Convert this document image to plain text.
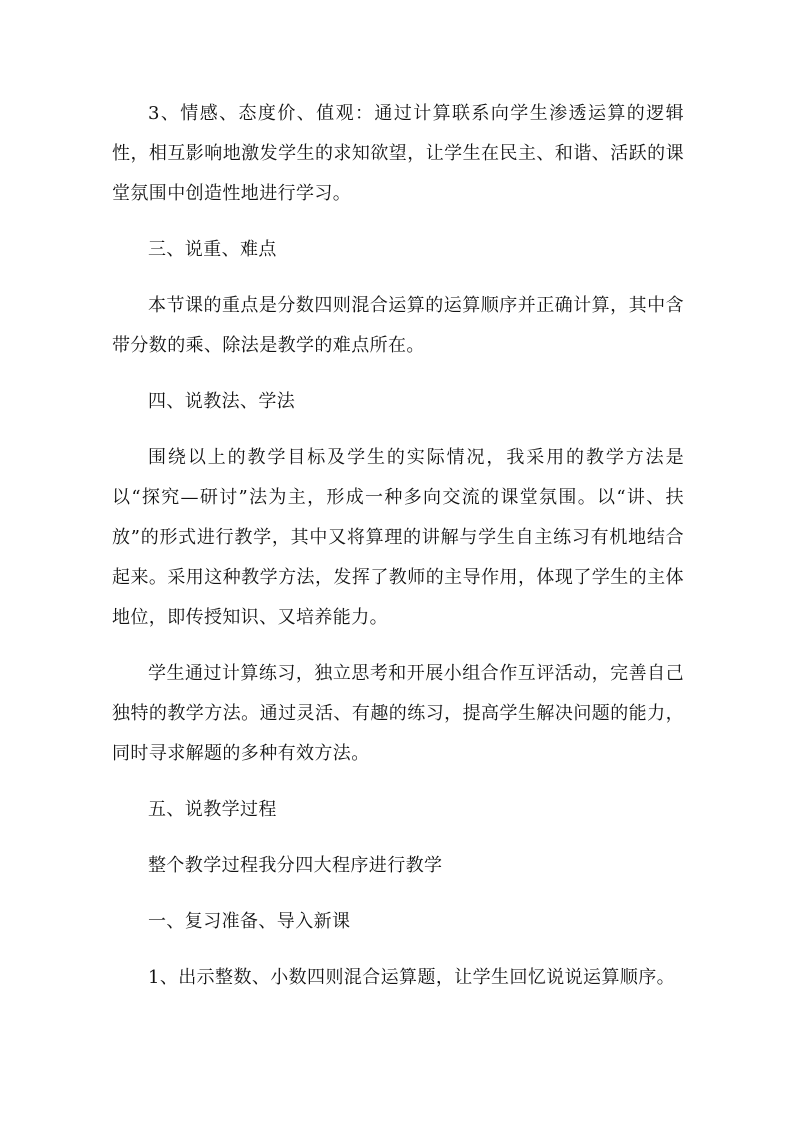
3、情感、态度价、值观：通过计算联系向学生渗透运算的逻辑性，相互影响地激发学生的求知欲望，让学生在民主、和谐、活跃的课堂氛围中创造性地进行学习。

三、说重、难点

本节课的重点是分数四则混合运算的运算顺序并正确计算，其中含带分数的乘、除法是教学的难点所在。

四、说教法、学法

围绕以上的教学目标及学生的实际情况，我采用的教学方法是以“探究—研讨”法为主，形成一种多向交流的课堂氛围。以“讲、扶放”的形式进行教学，其中又将算理的讲解与学生自主练习有机地结合起来。采用这种教学方法，发挥了教师的主导作用，体现了学生的主体地位，即传授知识、又培养能力。

学生通过计算练习，独立思考和开展小组合作互评活动，完善自己独特的教学方法。通过灵活、有趣的练习，提高学生解决问题的能力，同时寻求解题的多种有效方法。

五、说教学过程

整个教学过程我分四大程序进行教学

一、复习准备、导入新课

1、出示整数、小数四则混合运算题，让学生回忆说说运算顺序。
